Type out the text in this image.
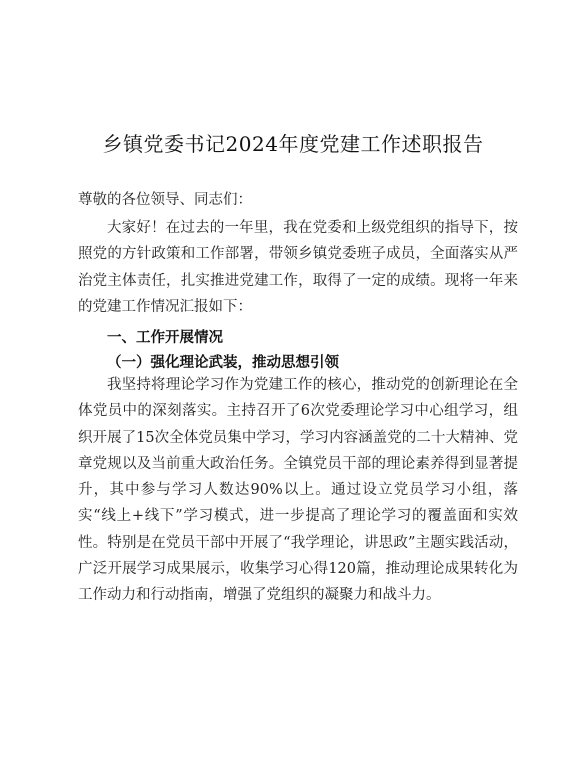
乡镇党委书记2024年度党建工作述职报告
尊敬的各位领导、同志们：

大家好！在过去的一年里，我在党委和上级党组织的指导下，按照党的方针政策和工作部署，带领乡镇党委班子成员，全面落实从严治党主体责任，扎实推进党建工作，取得了一定的成绩。现将一年来的党建工作情况汇报如下：

一、工作开展情况
（一）强化理论武装，推动思想引领

我坚持将理论学习作为党建工作的核心，推动党的创新理论在全体党员中的深刻落实。主持召开了6次党委理论学习中心组学习，组织开展了15次全体党员集中学习，学习内容涵盖党的二十大精神、党章党规以及当前重大政治任务。全镇党员干部的理论素养得到显著提升，其中参与学习人数达90%以上。通过设立党员学习小组，落实“线上+线下”学习模式，进一步提高了理论学习的覆盖面和实效性。特别是在党员干部中开展了“我学理论，讲思政”主题实践活动，广泛开展学习成果展示，收集学习心得120篇，推动理论成果转化为工作动力和行动指南，增强了党组织的凝聚力和战斗力。
